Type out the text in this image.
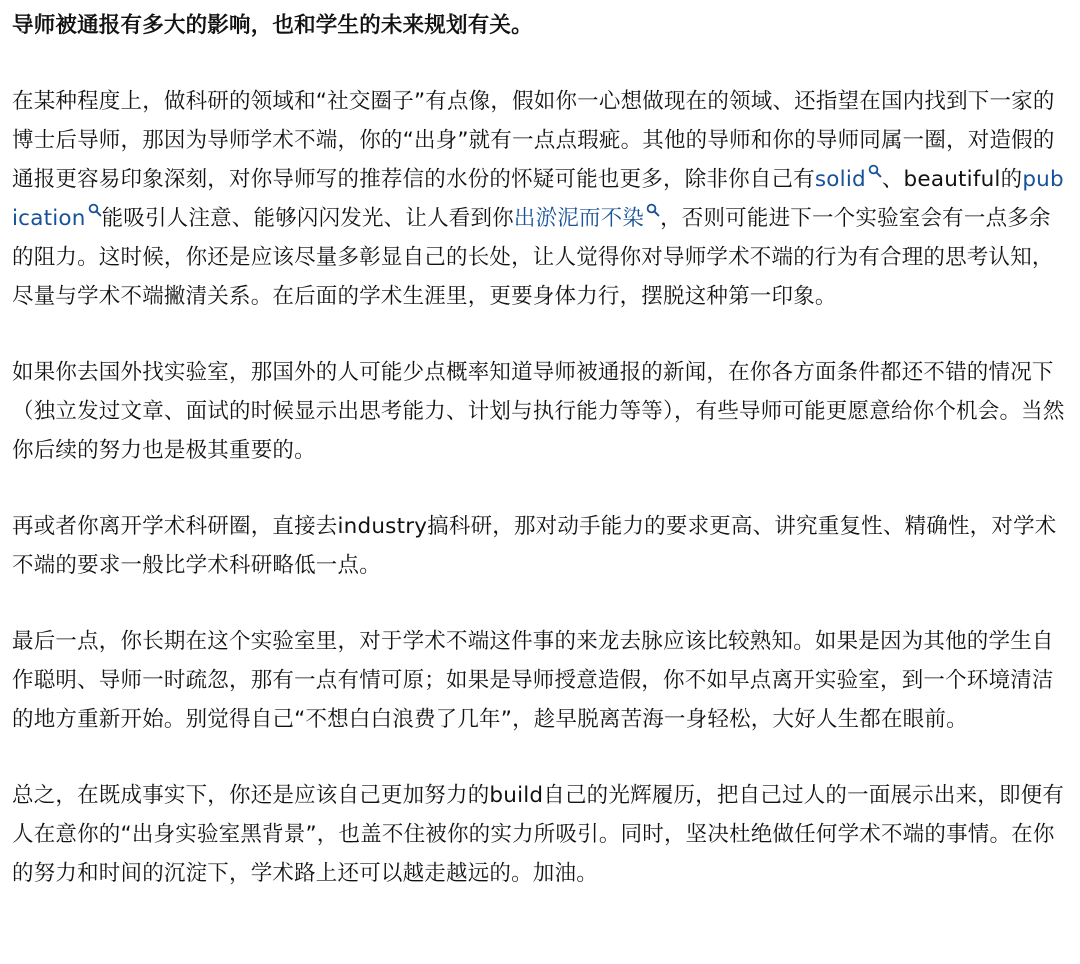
导师被通报有多大的影响，也和学生的未来规划有关。

在某种程度上，做科研的领域和“社交圈子”有点像，假如你一心想做现在的领域、还指望在国内找到下一家的博士后导师，那因为导师学术不端，你的“出身”就有一点点瑕疵。其他的导师和你的导师同属一圈，对造假的通报更容易印象深刻，对你导师写的推荐信的水份的怀疑可能也更多，除非你自己有solid 、beautiful的pubication 能吸引人注意、能够闪闪发光、让人看到你出淤泥而不染 ，否则可能进下一个实验室会有一点多余的阻力。这时候，你还是应该尽量多彰显自己的长处，让人觉得你对导师学术不端的行为有合理的思考认知，尽量与学术不端撇清关系。在后面的学术生涯里，更要身体力行，摆脱这种第一印象。

如果你去国外找实验室，那国外的人可能少点概率知道导师被通报的新闻，在你各方面条件都还不错的情况下（独立发过文章、面试的时候显示出思考能力、计划与执行能力等等），有些导师可能更愿意给你个机会。当然你后续的努力也是极其重要的。

再或者你离开学术科研圈，直接去industry搞科研，那对动手能力的要求更高、讲究重复性、精确性，对学术不端的要求一般比学术科研略低一点。

最后一点，你长期在这个实验室里，对于学术不端这件事的来龙去脉应该比较熟知。如果是因为其他的学生自作聪明、导师一时疏忽，那有一点有情可原；如果是导师授意造假，你不如早点离开实验室，到一个环境清洁的地方重新开始。别觉得自己“不想白白浪费了几年”，趁早脱离苦海一身轻松，大好人生都在眼前。

总之，在既成事实下，你还是应该自己更加努力的build自己的光辉履历，把自己过人的一面展示出来，即便有人在意你的“出身实验室黑背景”，也盖不住被你的实力所吸引。同时，坚决杜绝做任何学术不端的事情。在你的努力和时间的沉淀下，学术路上还可以越走越远的。加油。
